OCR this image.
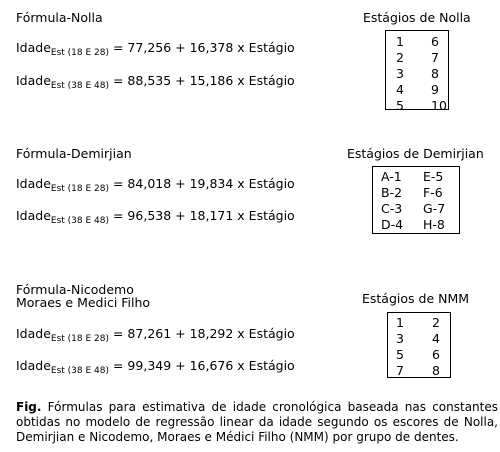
Fórmula-Nolla
Idade$_{Est (18 E 28)}$ = 77,256 + 16,378 x Estágio
Idade$_{Est (38 E 48)}$ = 88,535 + 15,186 x Estágio
Estágios de Nolla
1	6
2	7
3	8
4	9
5	10
Fórmula-Demirjian
Idade$_{Est (18 E 28)}$ = 84,018 + 19,834 x Estágio
Idade$_{Est (38 E 48)}$ = 96,538 + 18,171 x Estágio
Estágios de Demirjian
A-1	E-5
B-2	F-6
C-3	G-7
D-4	H-8
Fórmula-Nicodemo
Moraes e Medici Filho
Idade$_{Est (18 E 28)}$ = 87,261 + 18,292 x Estágio
Idade$_{Est (38 E 48)}$ = 99,349 + 16,676 x Estágio
Estágios de NMM
1	2
3	4
5	6
7	8
Fig. Fórmulas para estimativa de idade cronológica baseada nas constantes obtidas no modelo de regressão linear da idade segundo os escores de Nolla, Demirjian e Nicodemo, Moraes e Médici Filho (NMM) por grupo de dentes.
